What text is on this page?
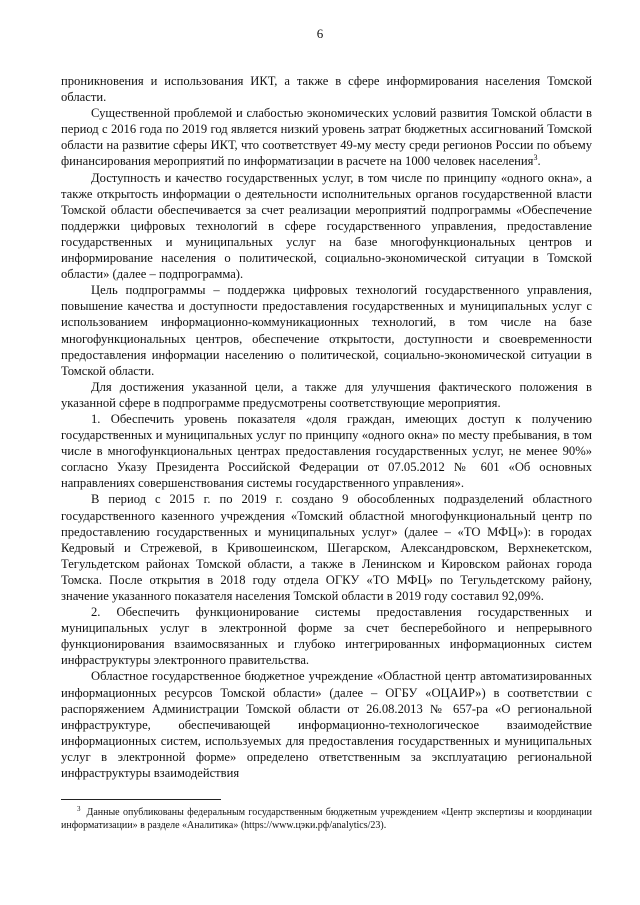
6

проникновения и использования ИКТ, а также в сфере информирования населения Томской области.

Существенной проблемой и слабостью экономических условий развития Томской области в период с 2016 года по 2019 год является низкий уровень затрат бюджетных ассигнований Томской области на развитие сферы ИКТ, что соответствует 49-му месту среди регионов России по объему финансирования мероприятий по информатизации в расчете на 1000 человек населения$^3$.

Доступность и качество государственных услуг, в том числе по принципу «одного окна», а также открытость информации о деятельности исполнительных органов государственной власти Томской области обеспечивается за счет реализации мероприятий подпрограммы «Обеспечение поддержки цифровых технологий в сфере государственного управления, предоставление государственных и муниципальных услуг на базе многофункциональных центров и информирование населения о политической, социально-экономической ситуации в Томской области» (далее – подпрограмма).

Цель подпрограммы – поддержка цифровых технологий государственного управления, повышение качества и доступности предоставления государственных и муниципальных услуг с использованием информационно-коммуникационных технологий, в том числе на базе многофункциональных центров, обеспечение открытости, доступности и своевременности предоставления информации населению о политической, социально-экономической ситуации в Томской области.

Для достижения указанной цели, а также для улучшения фактического положения в указанной сфере в подпрограмме предусмотрены соответствующие мероприятия.

1. Обеспечить уровень показателя «доля граждан, имеющих доступ к получению государственных и муниципальных услуг по принципу «одного окна» по месту пребывания, в том числе в многофункциональных центрах предоставления государственных услуг, не менее 90%» согласно Указу Президента Российской Федерации от 07.05.2012 № 601 «Об основных направлениях совершенствования системы государственного управления».

В период с 2015 г. по 2019 г. создано 9 обособленных подразделений областного государственного казенного учреждения «Томский областной многофункциональный центр по предоставлению государственных и муниципальных услуг» (далее – «ТО МФЦ»): в городах Кедровый и Стрежевой, в Кривошеинском, Шегарском, Александровском, Верхнекетском, Тегульдетском районах Томской области, а также в Ленинском и Кировском районах города Томска. После открытия в 2018 году отдела ОГКУ «ТО МФЦ» по Тегульдетскому району, значение указанного показателя населения Томской области в 2019 году составил 92,09%.

2. Обеспечить функционирование системы предоставления государственных и муниципальных услуг в электронной форме за счет бесперебойного и непрерывного функционирования взаимосвязанных и глубоко интегрированных информационных систем инфраструктуры электронного правительства.

Областное государственное бюджетное учреждение «Областной центр автоматизированных информационных ресурсов Томской области» (далее – ОГБУ «ОЦАИР») в соответствии с распоряжением Администрации Томской области от 26.08.2013 № 657-ра «О региональной инфраструктуре, обеспечивающей информационно-технологическое взаимодействие информационных систем, используемых для предоставления государственных и муниципальных услуг в электронной форме» определено ответственным за эксплуатацию региональной инфраструктуры взаимодействия

$^3$ Данные опубликованы федеральным государственным бюджетным учреждением «Центр экспертизы и координации информатизации» в разделе «Аналитика» (https://www.цэки.рф/analytics/23).
